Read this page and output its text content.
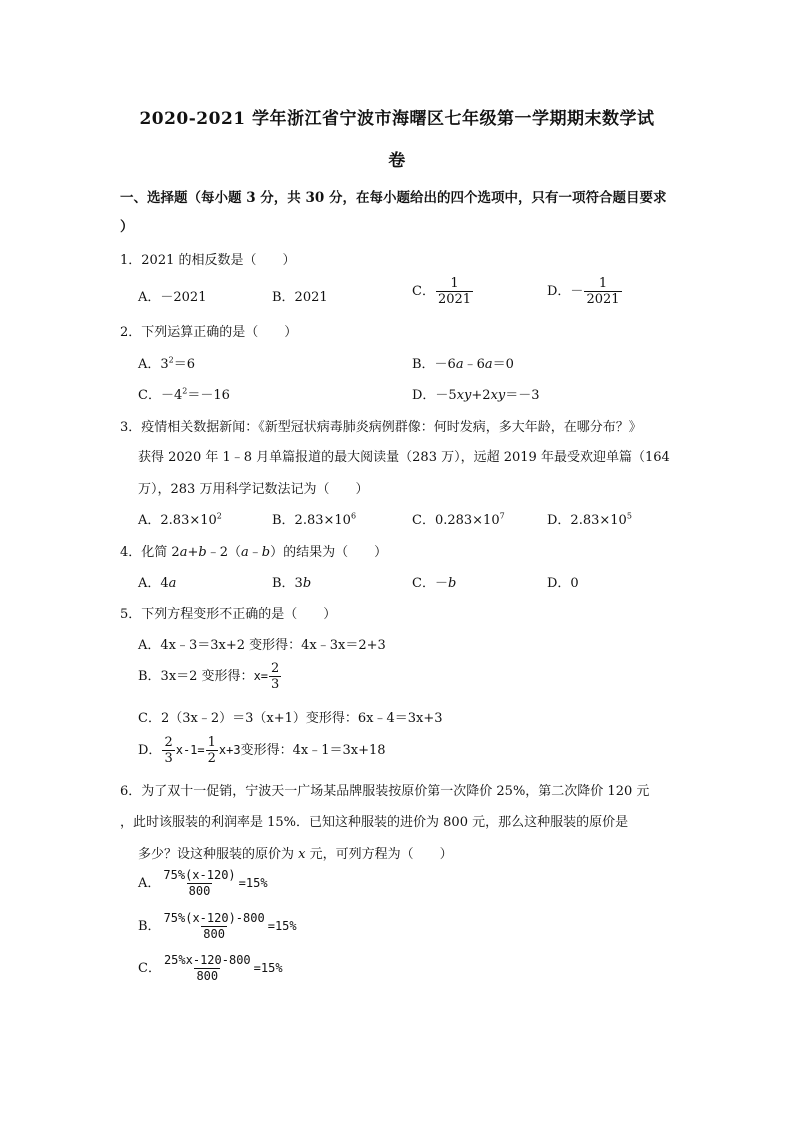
2020-2021 学年浙江省宁波市海曙区七年级第一学期期末数学试
卷
一、选择题（每小题 3 分，共 30 分，在每小题给出的四个选项中，只有一项符合题目要求
）
1．2021 的相反数是（　　）
A．－2021	B．2021	C． $\frac{1}{2021}$	D．－ $\frac{1}{2021}$
2．下列运算正确的是（　　）
A．$3^2=6$	B．－6a﹣6a＝0
C．$-4^2=-16$	D．－5xy+2xy＝－3
3．疫情相关数据新闻：《新型冠状病毒肺炎病例群像：何时发病，多大年龄，在哪分布？》
获得 2020 年 1﹣8 月单篇报道的最大阅读量（283 万），远超 2019 年最受欢迎单篇（164
万），283 万用科学记数法记为（　　）
A．$2.83\times 10^2$	B．$2.83\times 10^6$	C．$0.283\times 10^7$	D．$2.83\times 10^5$
4．化简 2a+b﹣2（a﹣b）的结果为（　　）
A．4a	B．3b	C．－b	D．0
5．下列方程变形不正确的是（　　）
A．4x﹣3＝3x+2 变形得：4x﹣3x＝2+3
B．3x＝2 变形得：$x= \frac{2}{3}$
C．2（3x﹣2）＝3（x+1）变形得：6x﹣4＝3x+3
D． $\frac{2}{3} x-1= \frac{1}{2} x+3$变形得：4x﹣1＝3x+18
6．为了双十一促销，宁波天一广场某品牌服装按原价第一次降价 25%，第二次降价 120 元
，此时该服装的利润率是 15%．已知这种服装的进价为 800 元，那么这种服装的原价是
多少？设这种服装的原价为 x 元，可列方程为（　　）
A． $\frac{75\%(x-120)}{800} =15\%$
B． $\frac{75\%(x-120)-800}{800} =15\%$
C． $\frac{25\%x-120-800}{800} =15\%$
